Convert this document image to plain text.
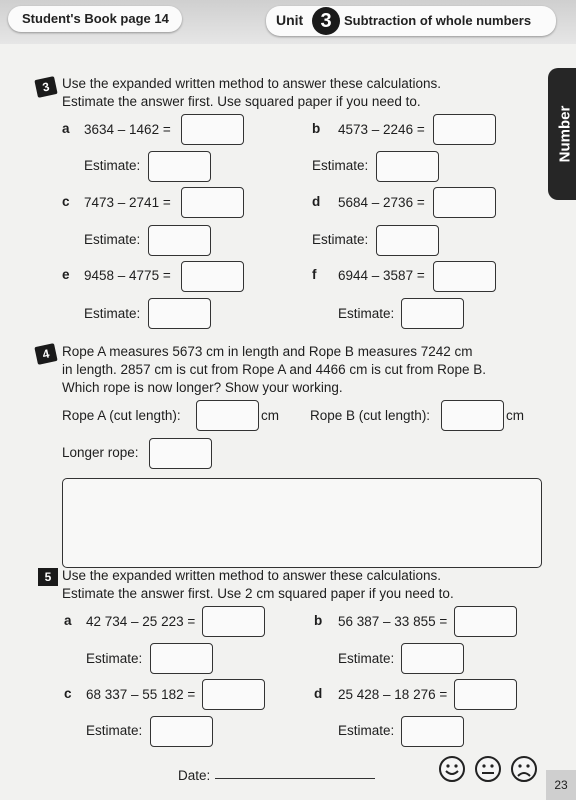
Student's Book page 14	Unit 3 Subtraction of whole numbers
Number
3 Use the expanded written method to answer these calculations.
Estimate the answer first. Use squared paper if you need to.
a 3634 – 1462 =
Estimate:
b 4573 – 2246 =
Estimate:
c 7473 – 2741 =
Estimate:
d 5684 – 2736 =
Estimate:
e 9458 – 4775 =
Estimate:
f 6944 – 3587 =
Estimate:
4 Rope A measures 5673 cm in length and Rope B measures 7242 cm
in length. 2857 cm is cut from Rope A and 4466 cm is cut from Rope B.
Which rope is now longer? Show your working.
Rope A (cut length):	cm Rope B (cut length):	cm
Longer rope:
5 Use the expanded written method to answer these calculations.
Estimate the answer first. Use 2 cm squared paper if you need to.
a 42 734 – 25 223 =
Estimate:
b 56 387 – 33 855 =
Estimate:
c 68 337 – 55 182 =
Estimate:
d 25 428 – 18 276 =
Estimate:
Date:
23
